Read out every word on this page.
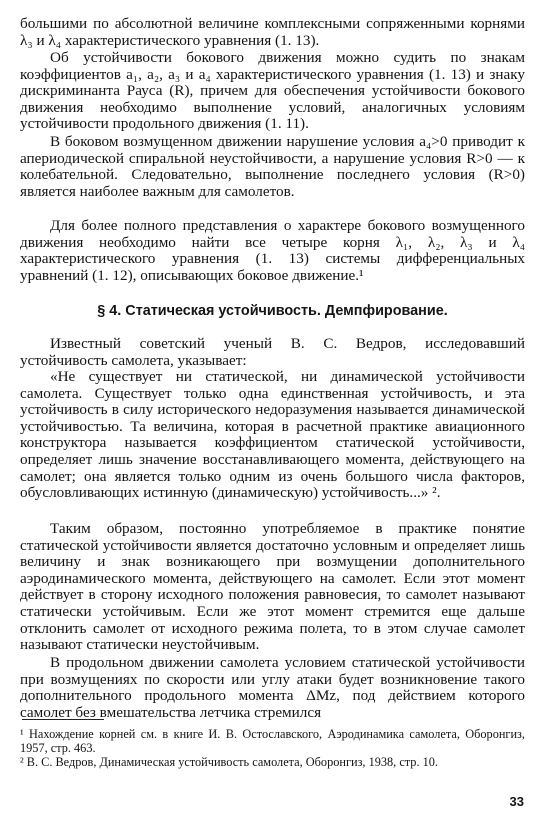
большими по абсолютной величине комплексными сопряженными корнями λ₃ и λ₄ характеристического уравнения (1. 13).

Об устойчивости бокового движения можно судить по знакам коэффициентов a₁, a₂, a₃ и a₄ характеристического уравнения (1. 13) и знаку дискриминанта Рауса (R), причем для обеспечения устойчивости бокового движения необходимо выполнение условий, аналогичных условиям устойчивости продольного движения (1. 11).

В боковом возмущенном движении нарушение условия a₄>0 приводит к апериодической спиральной неустойчивости, а нарушение условия R>0 — к колебательной. Следовательно, выполнение последнего условия (R>0) является наиболее важным для самолетов.

Для более полного представления о характере бокового возмущенного движения необходимо найти все четыре корня λ₁, λ₂, λ₃ и λ₄ характеристического уравнения (1. 13) системы дифференциальных уравнений (1. 12), описывающих боковое движение.¹

§ 4. Статическая устойчивость. Демпфирование.

Известный советский ученый В. С. Ведров, исследовавший устойчивость самолета, указывает:

«Не существует ни статической, ни динамической устойчивости самолета. Существует только одна единственная устойчивость, и эта устойчивость в силу исторического недоразумения называется динамической устойчивостью. Та величина, которая в расчетной практике авиационного конструктора называется коэффициентом статической устойчивости, определяет лишь значение восстанавливающего момента, действующего на самолет; она является только одним из очень большого числа факторов, обусловливающих истинную (динамическую) устойчивость...» ².

Таким образом, постоянно употребляемое в практике понятие статической устойчивости является достаточно условным и определяет лишь величину и знак возникающего при возмущении дополнительного аэродинамического момента, действующего на самолет. Если этот момент действует в сторону исходного положения равновесия, то самолет называют статически устойчивым. Если же этот момент стремится еще дальше отклонить самолет от исходного режима полета, то в этом случае самолет называют статически неустойчивым.

В продольном движении самолета условием статической устойчивости при возмущениях по скорости или углу атаки будет возникновение такого дополнительного продольного момента ΔMz, под действием которого самолет без вмешательства летчика стремился

¹ Нахождение корней см. в книге И. В. Остославского, Аэродинамика самолета, Оборонгиз, 1957, стр. 463.

² В. С. Ведров, Динамическая устойчивость самолета, Оборонгиз, 1938, стр. 10.

33
